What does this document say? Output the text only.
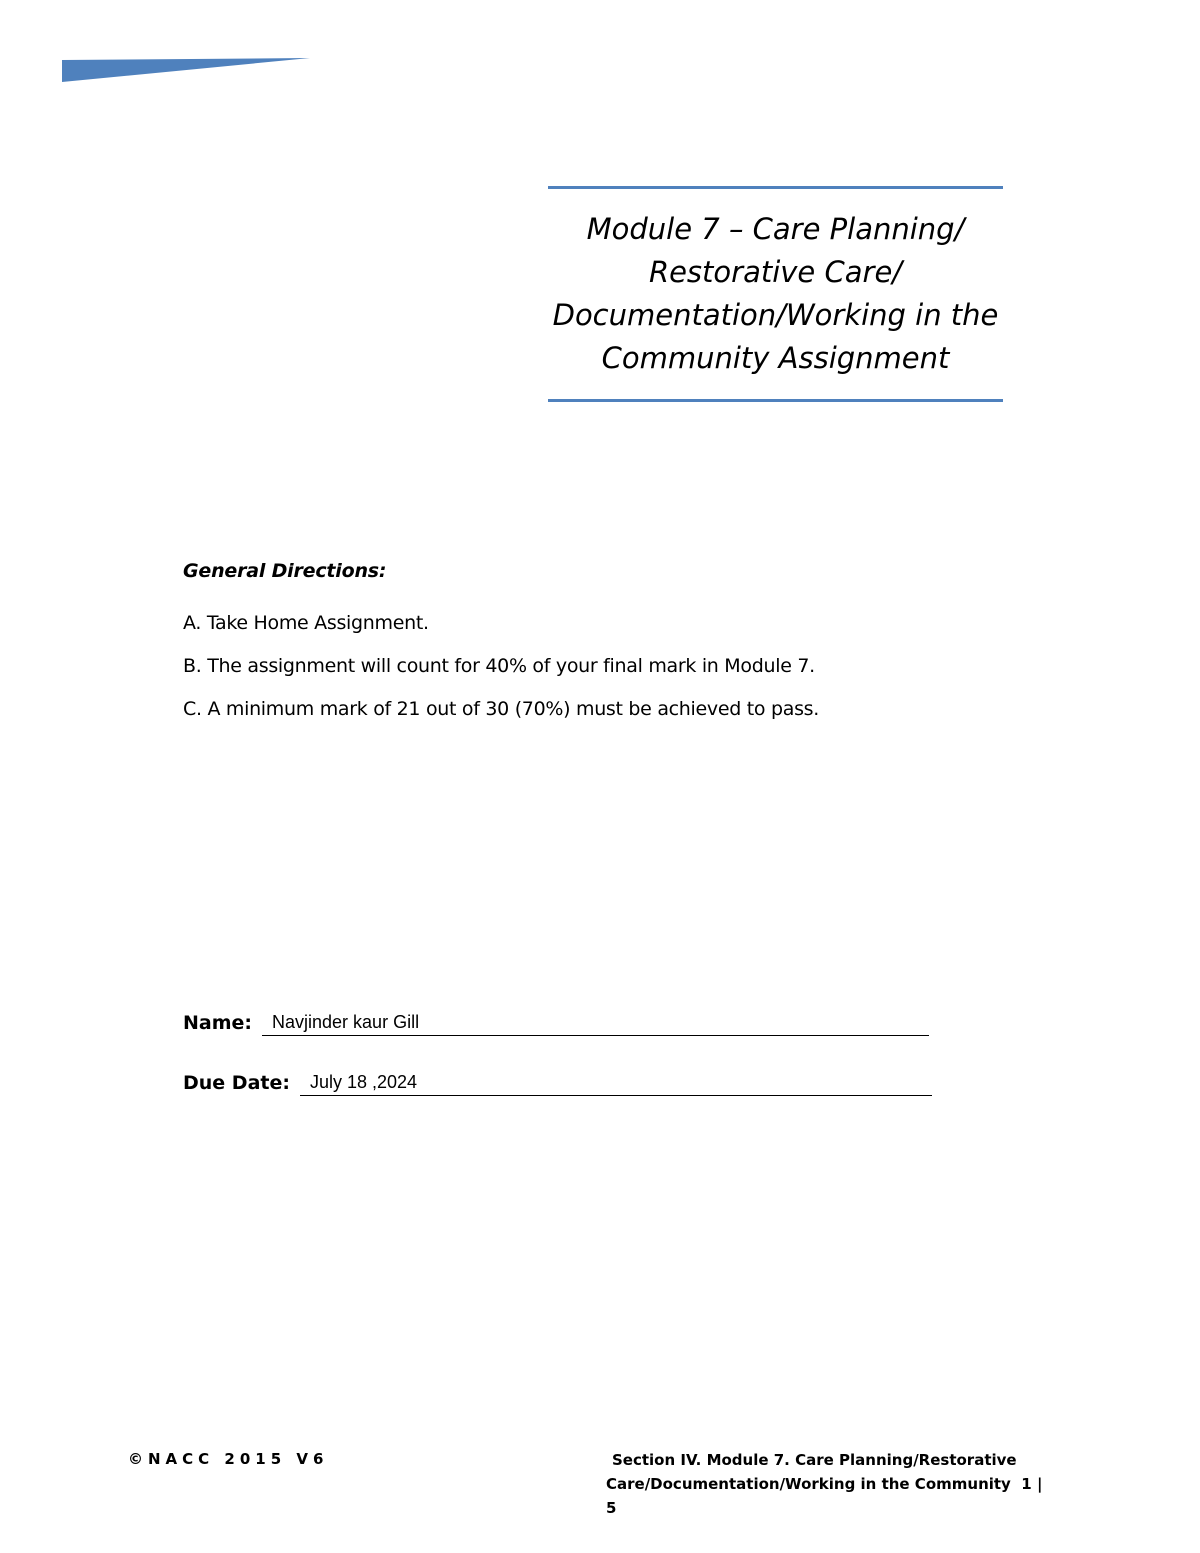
Module 7 – Care Planning/
Restorative Care/
Documentation/Working in the
Community Assignment

General Directions:

A. Take Home Assignment.
B. The assignment will count for 40% of your final mark in Module 7.
C. A minimum mark of 21 out of 30 (70%) must be achieved to pass.
Name:	Navjinder kaur Gill
Due Date:	July 18 ,2024
©NACC 2015 V6	Section IV. Module 7. Care Planning/Restorative
Care/Documentation/Working in the Community 1 | 5
